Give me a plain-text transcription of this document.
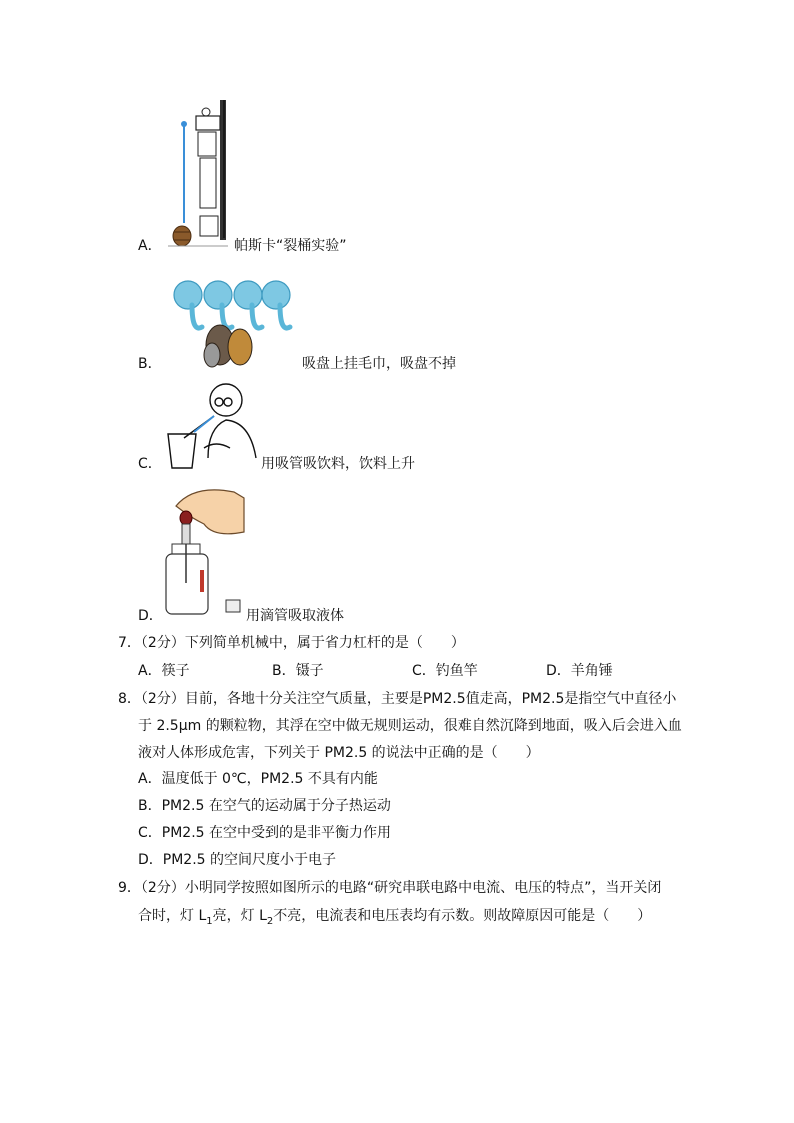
A．	帕斯卡“裂桶实验”
B．	吸盘上挂毛巾，吸盘不掉
C．	用吸管吸饮料，饮料上升
D．	用滴管吸取液体
7．（2分）下列简单机械中，属于省力杠杆的是（　　）
A．筷子	B．镊子	C．钓鱼竿	D．羊角锤
8．（2分）目前，各地十分关注空气质量，主要是PM2.5值走高，PM2.5是指空气中直径小
于 2.5μm 的颗粒物，其浮在空中做无规则运动，很难自然沉降到地面，吸入后会进入血
液对人体形成危害，下列关于 PM2.5 的说法中正确的是（　　）
A．温度低于 0℃，PM2.5 不具有内能
B．PM2.5 在空气的运动属于分子热运动
C．PM2.5 在空中受到的是非平衡力作用
D．PM2.5 的空间尺度小于电子
9．（2分）小明同学按照如图所示的电路“研究串联电路中电流、电压的特点”，当开关闭
合时，灯 $L_1$亮，灯 $L_2$不亮，电流表和电压表均有示数。则故障原因可能是（　　）
